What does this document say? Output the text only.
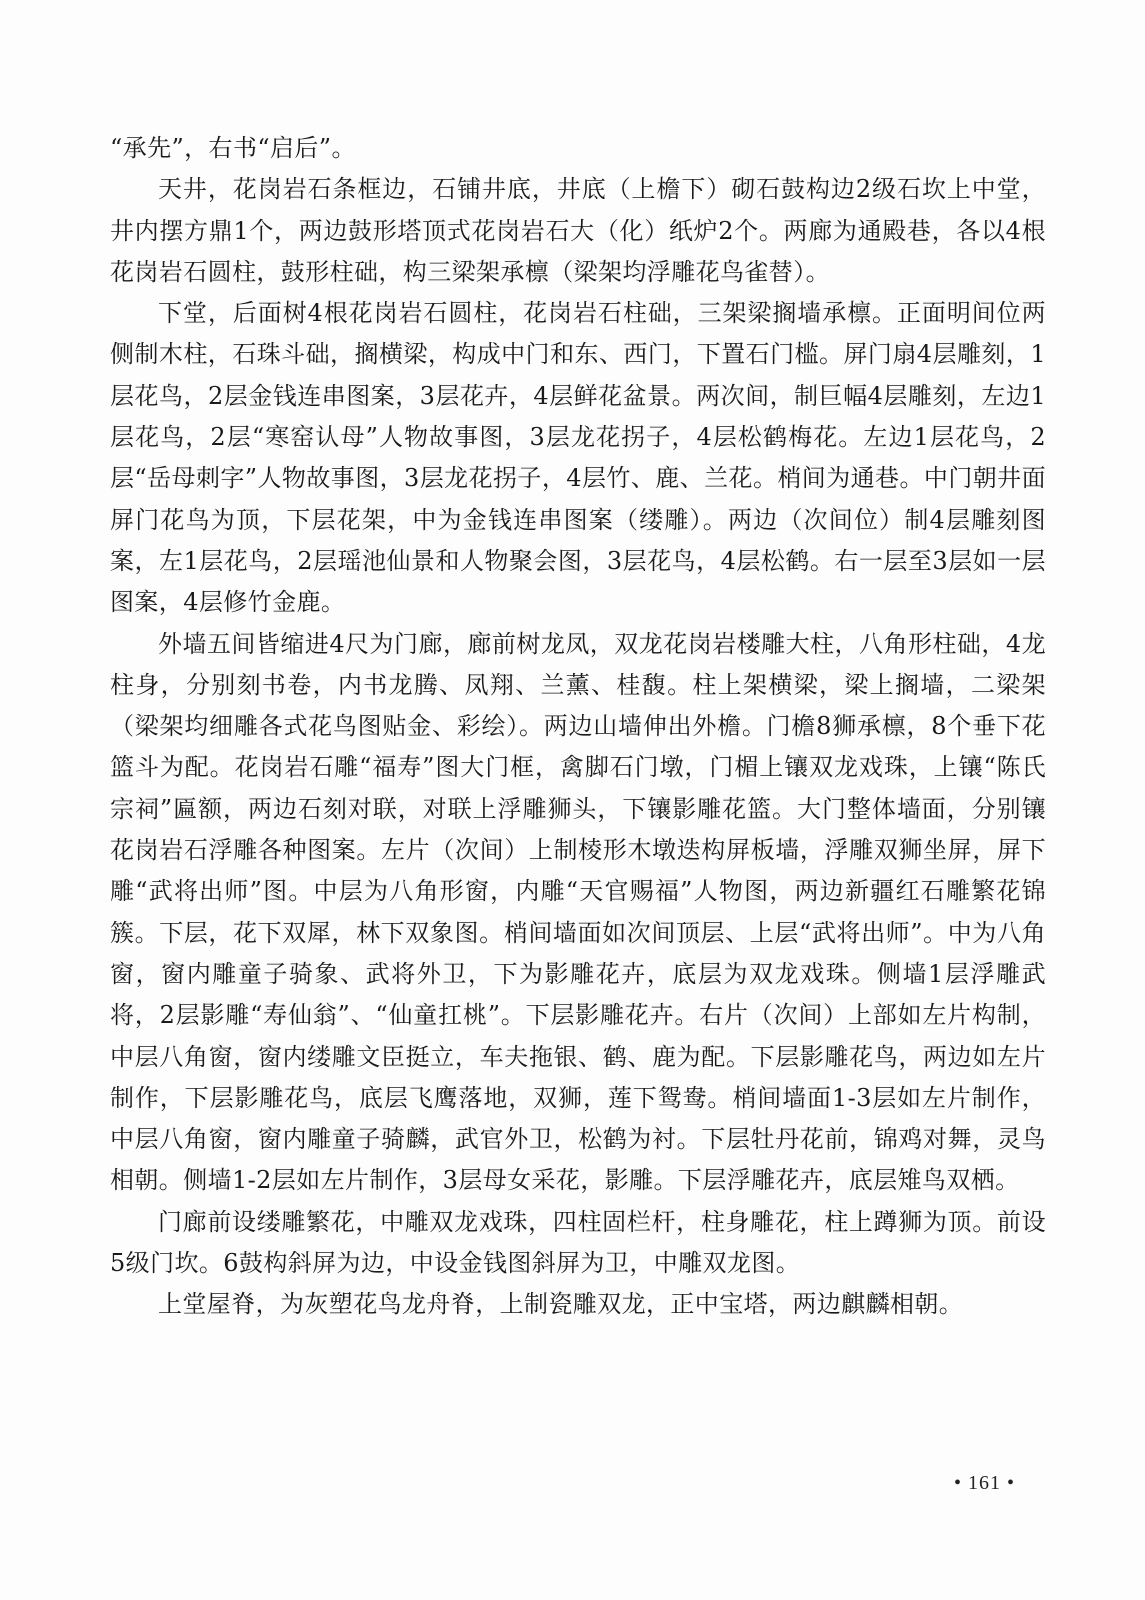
“承先”，右书“启后”。

天井，花岗岩石条框边，石铺井底，井底（上檐下）砌石鼓构边2级石坎上中堂，井内摆方鼎1个，两边鼓形塔顶式花岗岩石大（化）纸炉2个。两廊为通殿巷，各以4根花岗岩石圆柱，鼓形柱础，构三梁架承檩（梁架均浮雕花鸟雀替）。

下堂，后面树4根花岗岩石圆柱，花岗岩石柱础，三架梁搁墙承檩。正面明间位两侧制木柱，石珠斗础，搁横梁，构成中门和东、西门，下置石门槛。屏门扇4层雕刻，1层花鸟，2层金钱连串图案，3层花卉，4层鲜花盆景。两次间，制巨幅4层雕刻，左边1层花鸟，2层“寒窑认母”人物故事图，3层龙花拐子，4层松鹤梅花。左边1层花鸟，2层“岳母刺字”人物故事图，3层龙花拐子，4层竹、鹿、兰花。梢间为通巷。中门朝井面屏门花鸟为顶，下层花架，中为金钱连串图案（缕雕）。两边（次间位）制4层雕刻图案，左1层花鸟，2层瑶池仙景和人物聚会图，3层花鸟，4层松鹤。右一层至3层如一层图案，4层修竹金鹿。

外墙五间皆缩进4尺为门廊，廊前树龙凤，双龙花岗岩楼雕大柱，八角形柱础，4龙柱身，分别刻书卷，内书龙腾、凤翔、兰薰、桂馥。柱上架横梁，梁上搁墙，二梁架（梁架均细雕各式花鸟图贴金、彩绘）。两边山墙伸出外檐。门檐8狮承檩，8个垂下花篮斗为配。花岗岩石雕“福寿”图大门框，禽脚石门墩，门楣上镶双龙戏珠，上镶“陈氏宗祠”匾额，两边石刻对联，对联上浮雕狮头，下镶影雕花篮。大门整体墙面，分别镶花岗岩石浮雕各种图案。左片（次间）上制棱形木墩迭构屏板墙，浮雕双狮坐屏，屏下雕“武将出师”图。中层为八角形窗，内雕“天官赐福”人物图，两边新疆红石雕繁花锦簇。下层，花下双犀，林下双象图。梢间墙面如次间顶层、上层“武将出师”。中为八角窗，窗内雕童子骑象、武将外卫，下为影雕花卉，底层为双龙戏珠。侧墙1层浮雕武将，2层影雕“寿仙翁”、“仙童扛桃”。下层影雕花卉。右片（次间）上部如左片构制，中层八角窗，窗内缕雕文臣挺立，车夫拖银、鹤、鹿为配。下层影雕花鸟，两边如左片制作，下层影雕花鸟，底层飞鹰落地，双狮，莲下鸳鸯。梢间墙面1-3层如左片制作，中层八角窗，窗内雕童子骑麟，武官外卫，松鹤为衬。下层牡丹花前，锦鸡对舞，灵鸟相朝。侧墙1-2层如左片制作，3层母女采花，影雕。下层浮雕花卉，底层雉鸟双栖。

门廊前设缕雕繁花，中雕双龙戏珠，四柱固栏杆，柱身雕花，柱上蹲狮为顶。前设5级门坎。6鼓构斜屏为边，中设金钱图斜屏为卫，中雕双龙图。

上堂屋脊，为灰塑花鸟龙舟脊，上制瓷雕双龙，正中宝塔，两边麒麟相朝。

• 161 •
